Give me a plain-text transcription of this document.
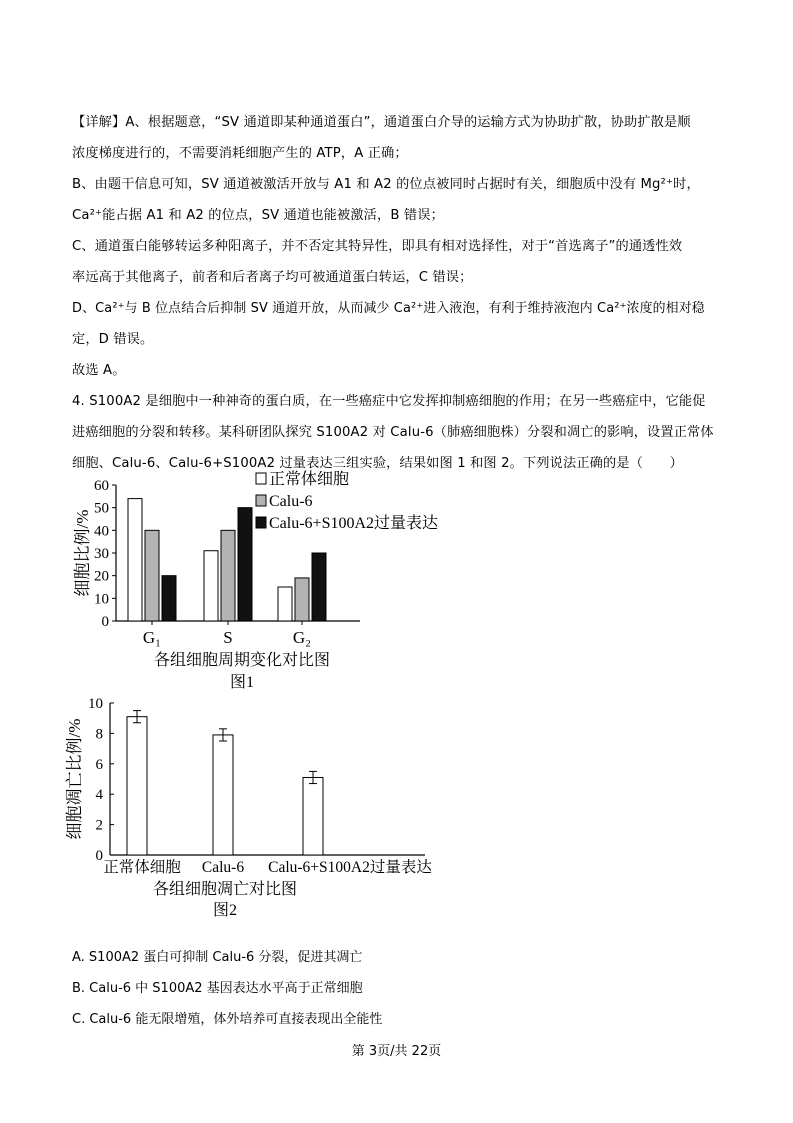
【详解】A、根据题意，“SV 通道即某种通道蛋白”，通道蛋白介导的运输方式为协助扩散，协助扩散是顺
浓度梯度进行的，不需要消耗细胞产生的 ATP，A 正确；
B、由题干信息可知，SV 通道被激活开放与 A1 和 A2 的位点被同时占据时有关，细胞质中没有 Mg²⁺时，
Ca²⁺能占据 A1 和 A2 的位点，SV 通道也能被激活，B 错误；
C、通道蛋白能够转运多种阳离子，并不否定其特异性，即具有相对选择性，对于“首选离子”的通透性效
率远高于其他离子，前者和后者离子均可被通道蛋白转运，C 错误；
D、Ca²⁺与 B 位点结合后抑制 SV 通道开放，从而减少 Ca²⁺进入液泡，有利于维持液泡内 Ca²⁺浓度的相对稳
定，D 错误。
故选 A。
4. S100A2 是细胞中一种神奇的蛋白质，在一些癌症中它发挥抑制癌细胞的作用；在另一些癌症中，它能促
进癌细胞的分裂和转移。某科研团队探究 S100A2 对 Calu-6（肺癌细胞株）分裂和凋亡的影响，设置正常体
细胞、Calu-6、Calu-6+S100A2 过量表达三组实验，结果如图 1 和图 2。下列说法正确的是（　　）
0
10
20
30
40
50
60
细胞比例/%
G₁	S	G₂
正常体细胞
Calu-6
Calu-6+S100A2过量表达
各组细胞周期变化对比图
图1
0
2
4
6
8
10
细胞凋亡比例/%
正常体细胞 Calu-6 Calu-6+S100A2过量表达
各组细胞凋亡对比图
图2
A. S100A2 蛋白可抑制 Calu-6 分裂，促进其凋亡
B. Calu-6 中 S100A2 基因表达水平高于正常细胞
C. Calu-6 能无限增殖，体外培养可直接表现出全能性
第 3页/共 22页
